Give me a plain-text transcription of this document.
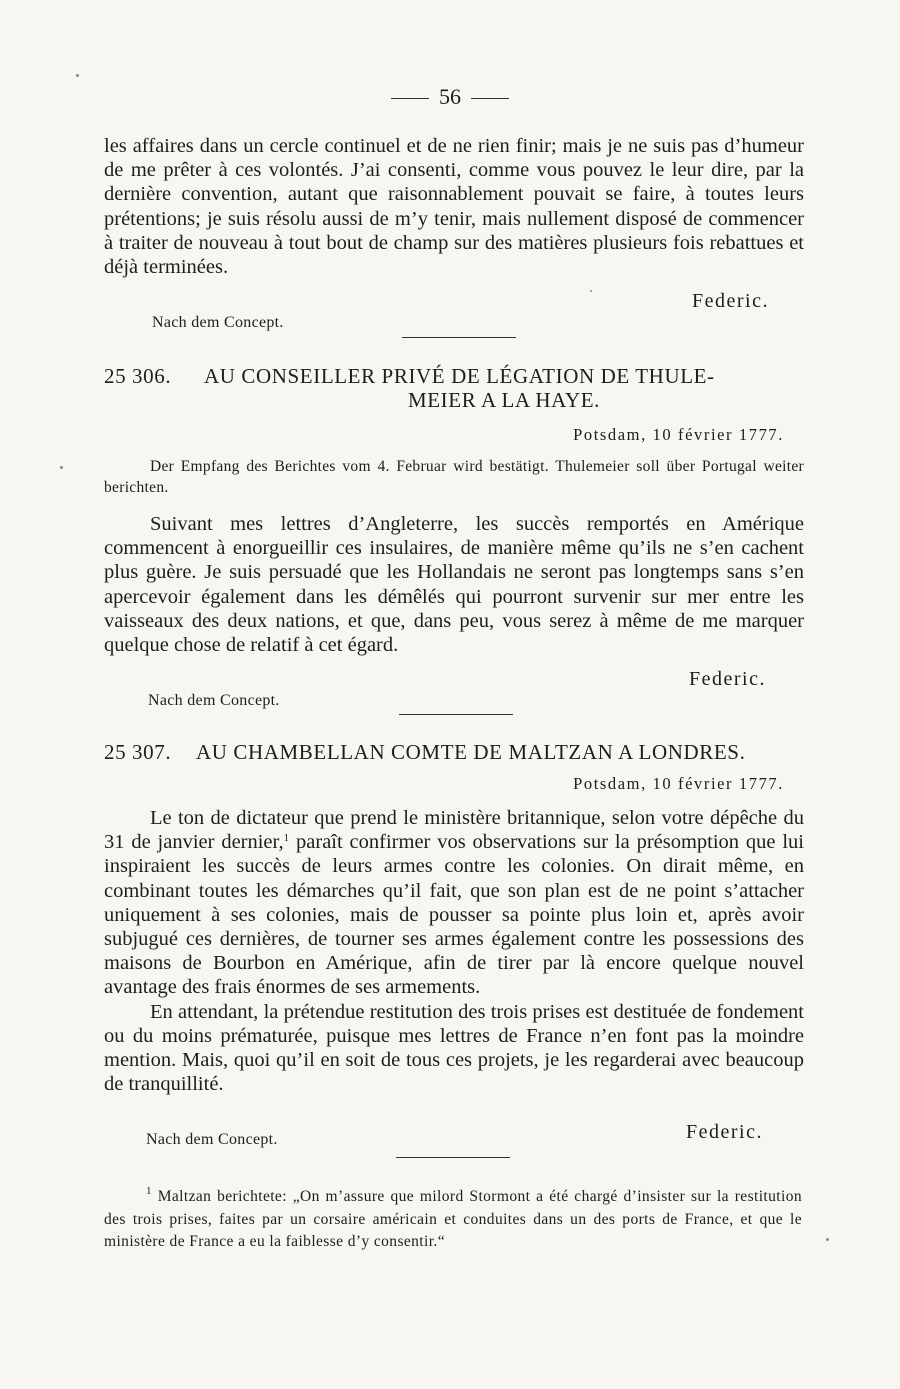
56

les affaires dans un cercle continuel et de ne rien finir; mais je ne suis pas d’humeur de me prêter à ces volontés. J’ai consenti, comme vous pouvez le leur dire, par la dernière convention, autant que raisonnablement pouvait se faire, à toutes leurs prétentions; je suis résolu aussi de m’y tenir, mais nullement disposé de commencer à traiter de nouveau à tout bout de champ sur des matières plusieurs fois rebattues et déjà terminées.

Federic.
Nach dem Concept.
25 306. AU CONSEILLER PRIVÉ DE LÉGATION DE THULE-
MEIER A LA HAYE.
Potsdam, 10 février 1777.
Der Empfang des Berichtes vom 4. Februar wird bestätigt. Thulemeier soll über Portugal weiter berichten.

Suivant mes lettres d’Angleterre, les succès remportés en Amérique commencent à enorgueillir ces insulaires, de manière même qu’ils ne s’en cachent plus guère. Je suis persuadé que les Hollandais ne seront pas longtemps sans s’en apercevoir également dans les démêlés qui pourront survenir sur mer entre les vaisseaux des deux nations, et que, dans peu, vous serez à même de me marquer quelque chose de relatif à cet égard.

Federic.
Nach dem Concept.
25 307. AU CHAMBELLAN COMTE DE MALTZAN A LONDRES.
Potsdam, 10 février 1777.

Le ton de dictateur que prend le ministère britannique, selon votre dépêche du 31 de janvier dernier,$^1$ paraît confirmer vos observations sur la présomption que lui inspiraient les succès de leurs armes contre les colonies. On dirait même, en combinant toutes les démarches qu’il fait, que son plan est de ne point s’attacher uniquement à ses colonies, mais de pousser sa pointe plus loin et, après avoir subjugué ces dernières, de tourner ses armes également contre les possessions des maisons de Bourbon en Amérique, afin de tirer par là encore quelque nouvel avantage des frais énormes de ses armements.

En attendant, la prétendue restitution des trois prises est destituée de fondement ou du moins prématurée, puisque mes lettres de France n’en font pas la moindre mention. Mais, quoi qu’il en soit de tous ces projets, je les regarderai avec beaucoup de tranquillité.

Federic.
Nach dem Concept.
$^1$ Maltzan berichtete: „On m’assure que milord Stormont a été chargé d’insister sur la restitution des trois prises, faites par un corsaire américain et conduites dans un des ports de France, et que le ministère de France a eu la faiblesse d’y consentir.“
